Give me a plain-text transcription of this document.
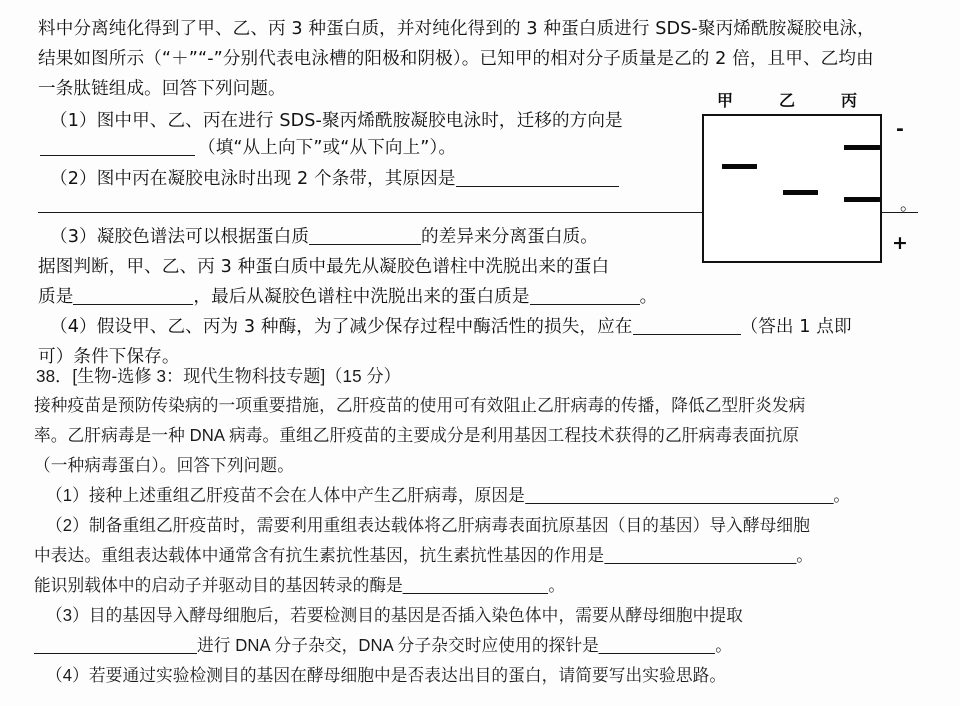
料中分离纯化得到了甲、乙、丙 3 种蛋白质，并对纯化得到的 3 种蛋白质进行 SDS-聚丙烯酰胺凝胶电泳，
结果如图所示（“＋”“-”分别代表电泳槽的阳极和阴极）。已知甲的相对分子质量是乙的 2 倍，且甲、乙均由
一条肽链组成。回答下列问题。
（1）图中甲、乙、丙在进行 SDS-聚丙烯酰胺凝胶电泳时，迁移的方向是
（填“从上向下”或“从下向上”）。
（2）图中丙在凝胶电泳时出现 2 个条带，其原因是
。
（3）凝胶色谱法可以根据蛋白质	的差异来分离蛋白质。
据图判断，甲、乙、丙 3 种蛋白质中最先从凝胶色谱柱中洗脱出来的蛋白
质是	，最后从凝胶色谱柱中洗脱出来的蛋白质是	。
（4）假设甲、乙、丙为 3 种酶，为了减少保存过程中酶活性的损失，应在	（答出 1 点即
可）条件下保存。
甲	乙	丙
-
+
38．[生物-选修 3：现代生物科技专题]（15 分）
接种疫苗是预防传染病的一项重要措施，乙肝疫苗的使用可有效阻止乙肝病毒的传播，降低乙型肝炎发病
率。乙肝病毒是一种 DNA 病毒。重组乙肝疫苗的主要成分是利用基因工程技术获得的乙肝病毒表面抗原
（一种病毒蛋白）。回答下列问题。
（1）接种上述重组乙肝疫苗不会在人体中产生乙肝病毒，原因是	。
（2）制备重组乙肝疫苗时，需要利用重组表达载体将乙肝病毒表面抗原基因（目的基因）导入酵母细胞
中表达。重组表达载体中通常含有抗生素抗性基因，抗生素抗性基因的作用是	。
能识别载体中的启动子并驱动目的基因转录的酶是	。
（3）目的基因导入酵母细胞后，若要检测目的基因是否插入染色体中，需要从酵母细胞中提取
进行 DNA 分子杂交，DNA 分子杂交时应使用的探针是	。
（4）若要通过实验检测目的基因在酵母细胞中是否表达出目的蛋白，请简要写出实验思路。
